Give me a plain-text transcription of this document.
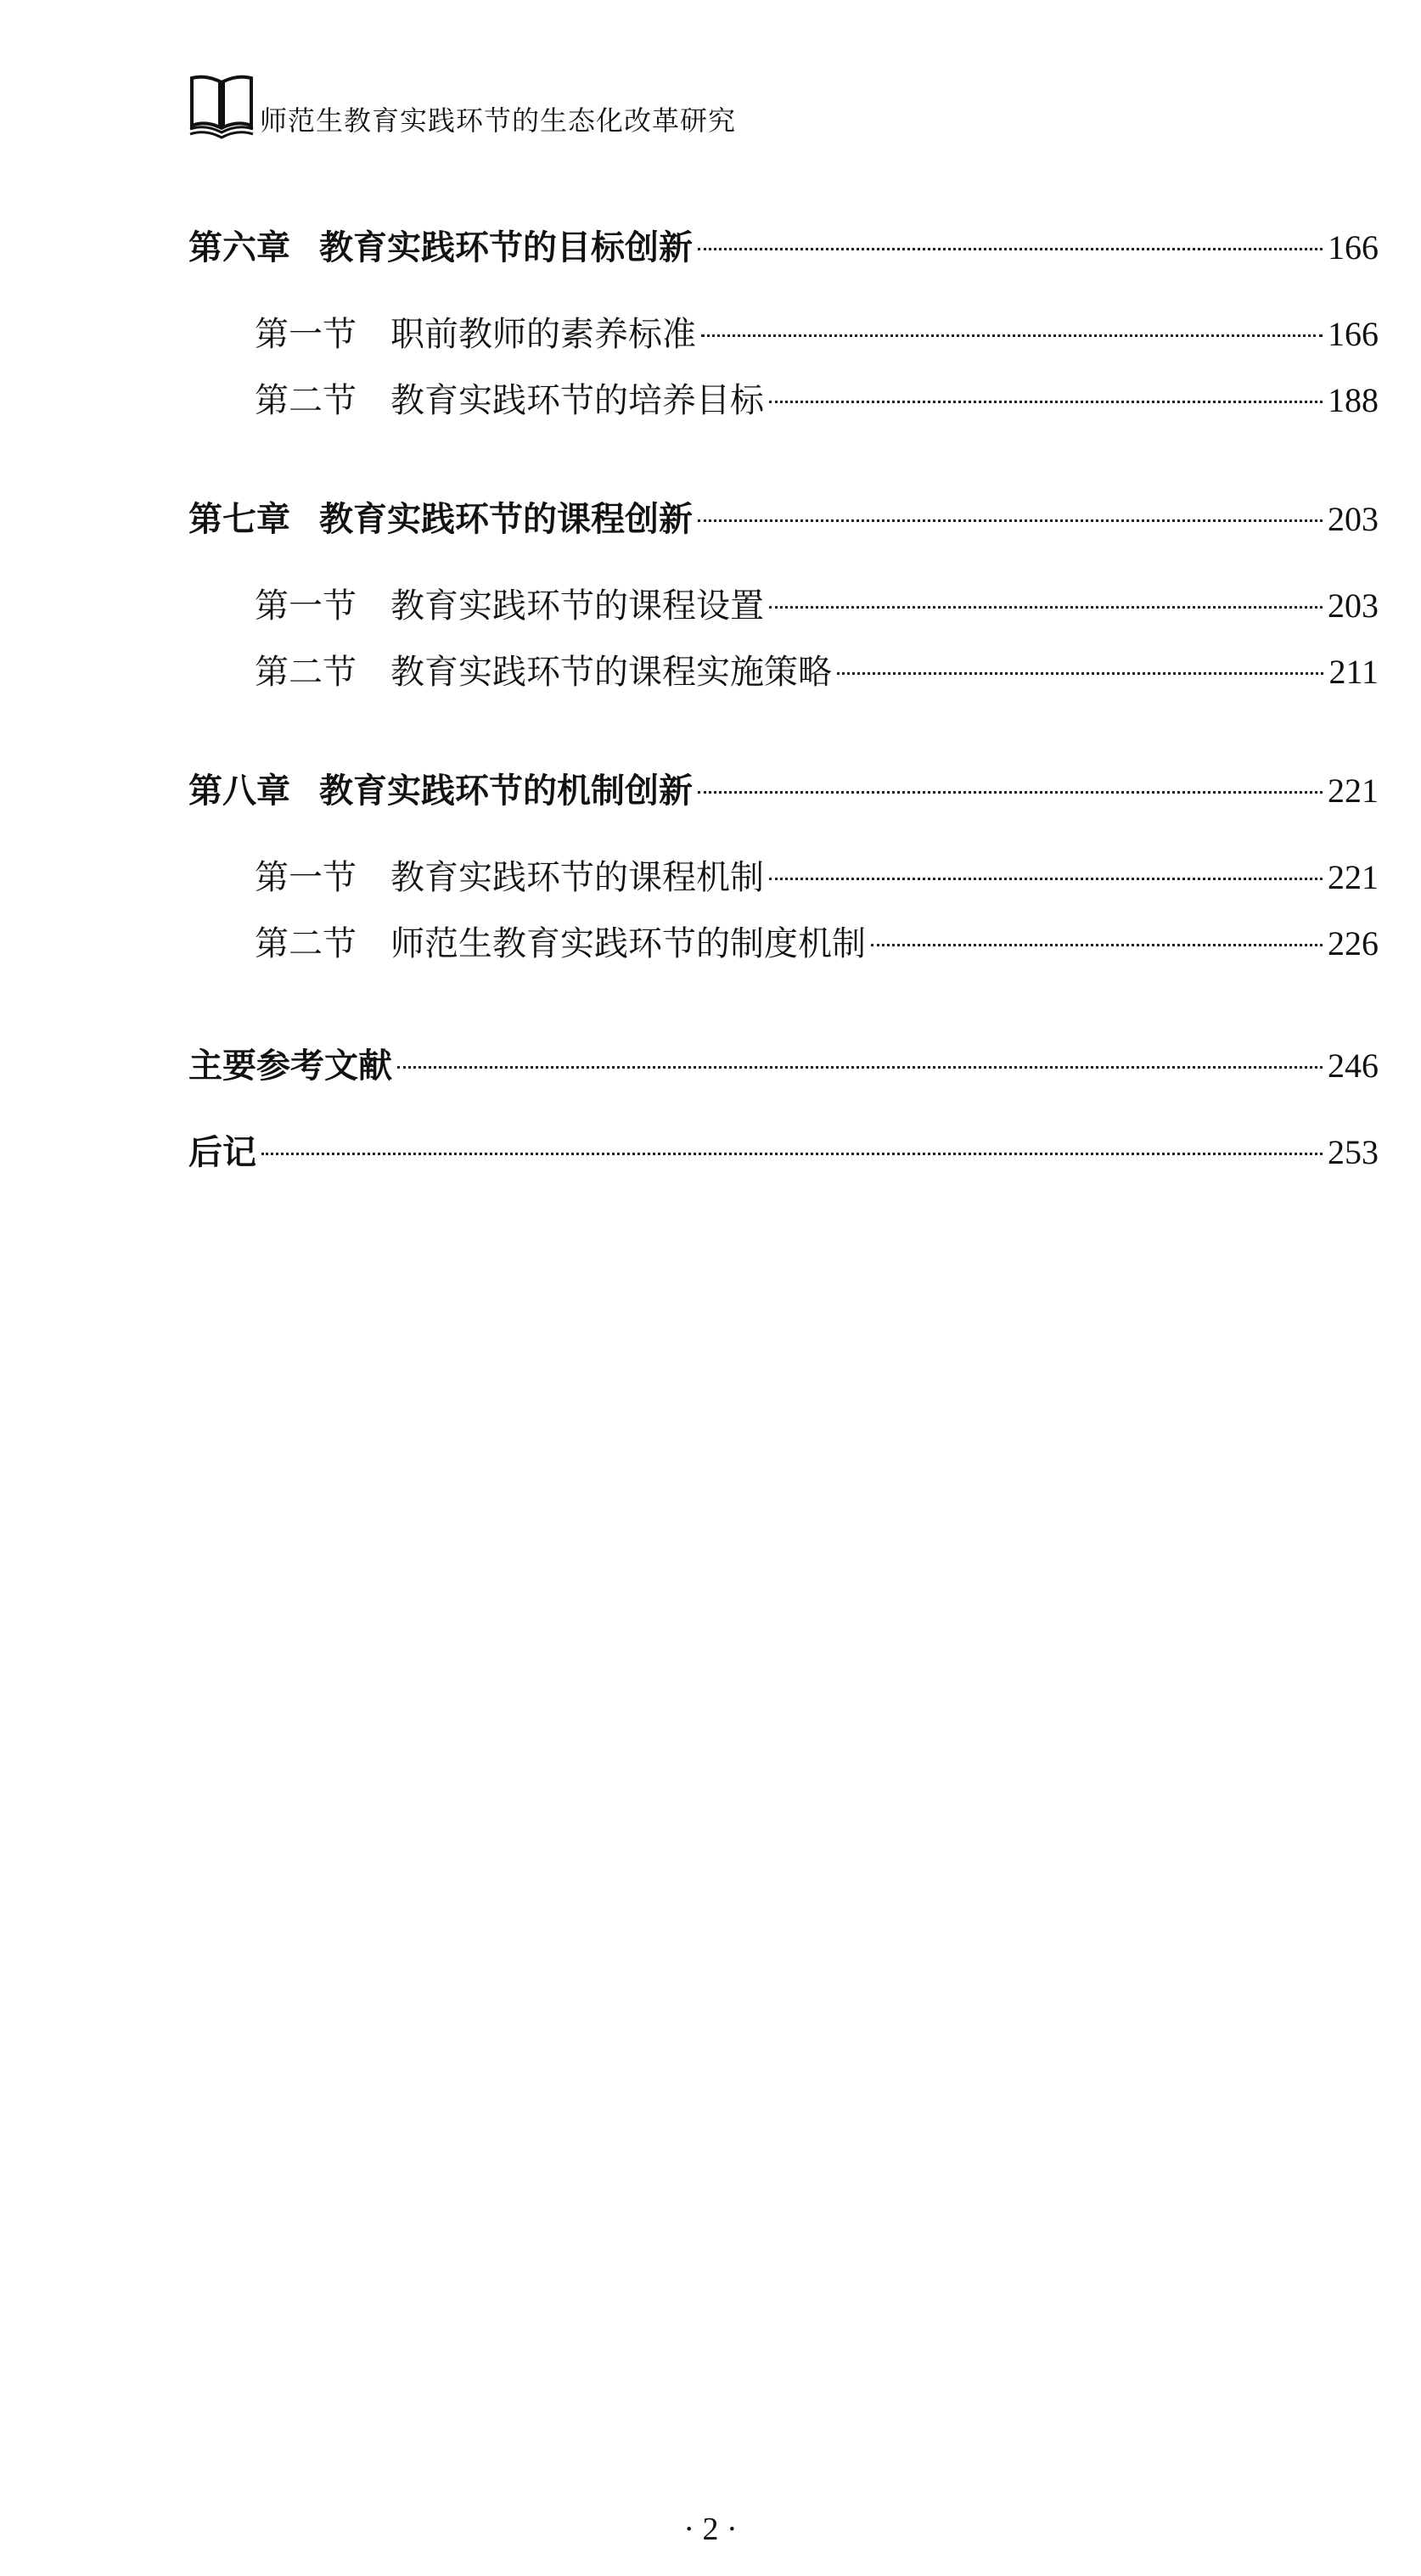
师范生教育实践环节的生态化改革研究
第六章 教育实践环节的目标创新	166
第一节 职前教师的素养标准	166
第二节 教育实践环节的培养目标	188
第七章 教育实践环节的课程创新	203
第一节 教育实践环节的课程设置	203
第二节 教育实践环节的课程实施策略	211
第八章 教育实践环节的机制创新	221
第一节 教育实践环节的课程机制	221
第二节 师范生教育实践环节的制度机制	226
主要参考文献	246
后记	253
· 2 ·
